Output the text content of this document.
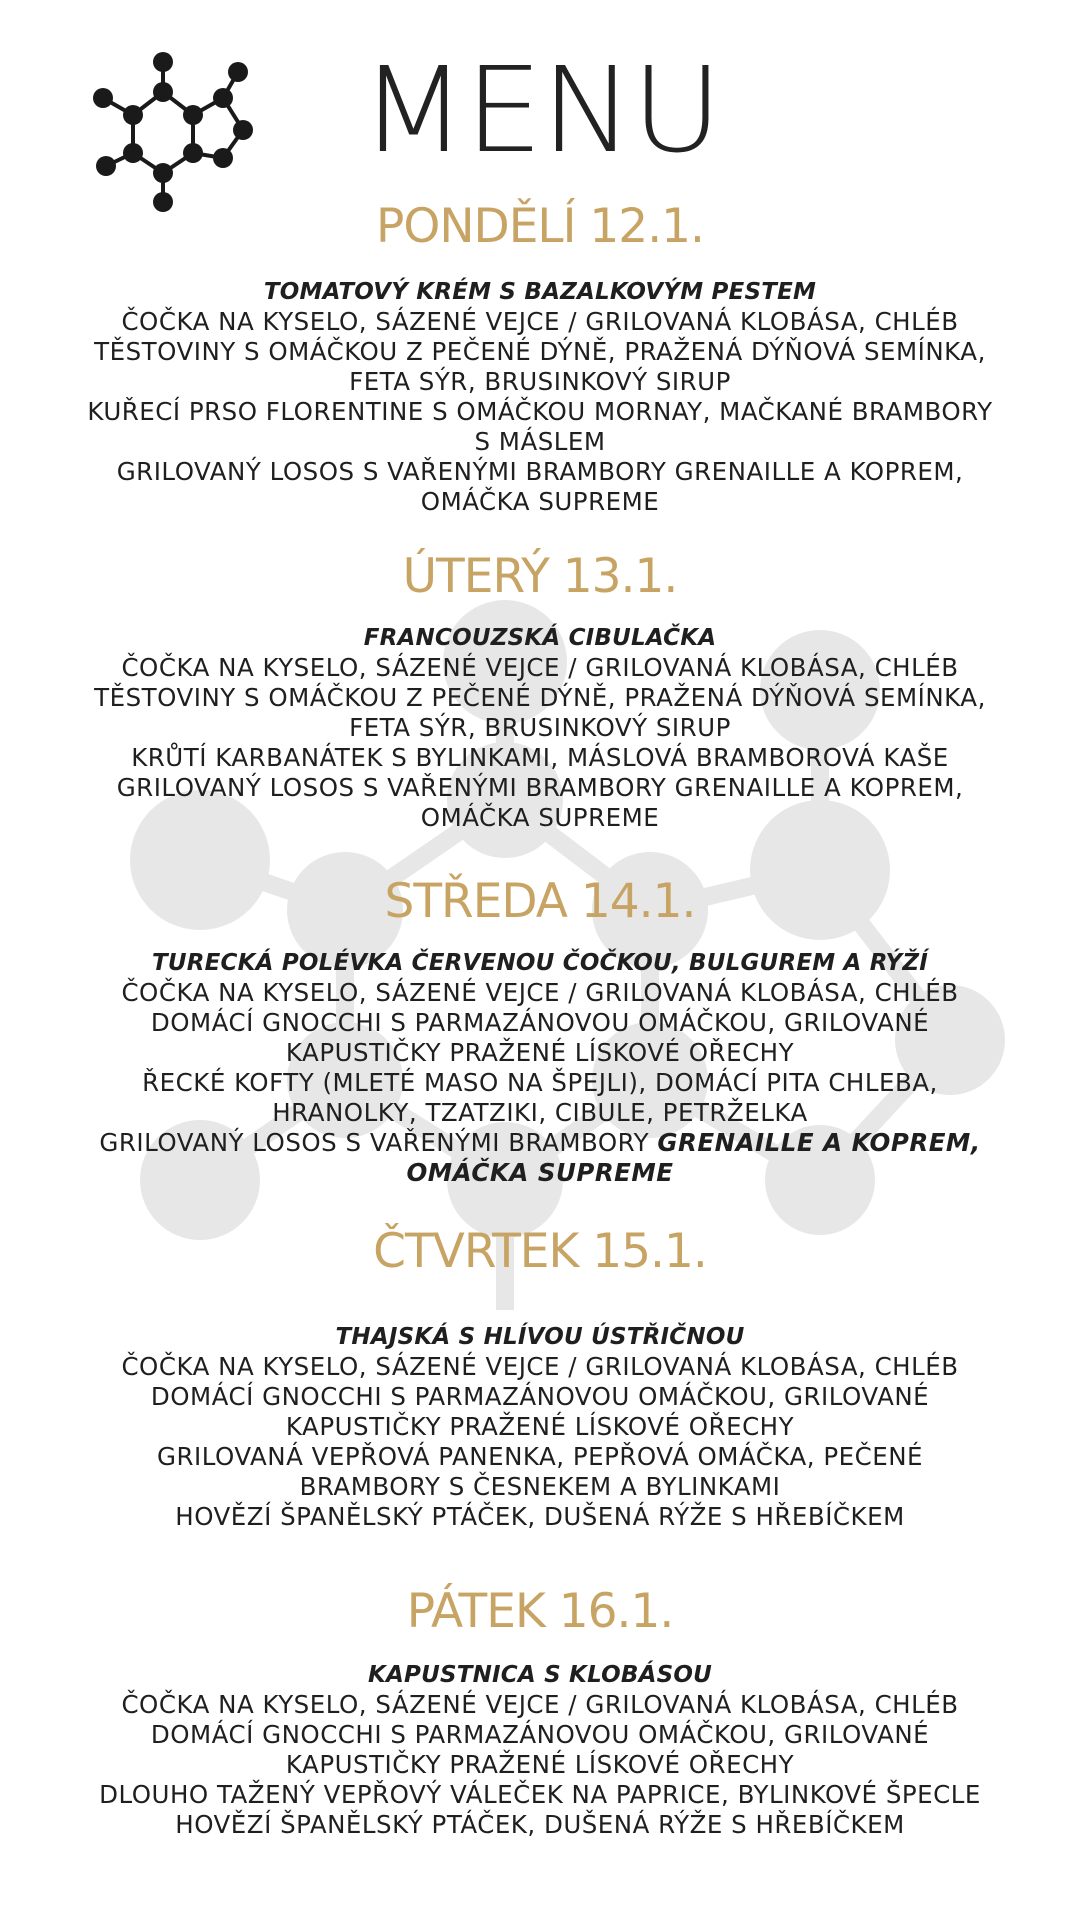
MENU
PONDĚLÍ 12.1.
TOMATOVÝ KRÉM S BAZALKOVÝM PESTEM
ČOČKA NA KYSELO, SÁZENÉ VEJCE / GRILOVANÁ KLOBÁSA, CHLÉB
TĚSTOVINY S OMÁČKOU Z PEČENÉ DÝNĚ, PRAŽENÁ DÝŇOVÁ SEMÍNKA,
FETA SÝR, BRUSINKOVÝ SIRUP
KUŘECÍ PRSO FLORENTINE S OMÁČKOU MORNAY, MAČKANÉ BRAMBORY
S MÁSLEM
GRILOVANÝ LOSOS S VAŘENÝMI BRAMBORY GRENAILLE A KOPREM,
OMÁČKA SUPREME
ÚTERÝ 13.1.
FRANCOUZSKÁ CIBULAČKA
ČOČKA NA KYSELO, SÁZENÉ VEJCE / GRILOVANÁ KLOBÁSA, CHLÉB
TĚSTOVINY S OMÁČKOU Z PEČENÉ DÝNĚ, PRAŽENÁ DÝŇOVÁ SEMÍNKA,
FETA SÝR, BRUSINKOVÝ SIRUP
KRŮTÍ KARBANÁTEK S BYLINKAMI, MÁSLOVÁ BRAMBOROVÁ KAŠE
GRILOVANÝ LOSOS S VAŘENÝMI BRAMBORY GRENAILLE A KOPREM,
OMÁČKA SUPREME
STŘEDA 14.1.
TURECKÁ POLÉVKA ČERVENOU ČOČKOU, BULGUREM A RÝŽÍ
ČOČKA NA KYSELO, SÁZENÉ VEJCE / GRILOVANÁ KLOBÁSA, CHLÉB
DOMÁCÍ GNOCCHI S PARMAZÁNOVOU OMÁČKOU, GRILOVANÉ
KAPUSTIČKY PRAŽENÉ LÍSKOVÉ OŘECHY
ŘECKÉ KOFTY (MLETÉ MASO NA ŠPEJLI), DOMÁCÍ PITA CHLEBA,
HRANOLKY, TZATZIKI, CIBULE, PETRŽELKA
GRILOVANÝ LOSOS S VAŘENÝMI BRAMBORY GRENAILLE A KOPREM,
OMÁČKA SUPREME
ČTVRTEK 15.1.
THAJSKÁ S HLÍVOU ÚSTŘIČNOU
ČOČKA NA KYSELO, SÁZENÉ VEJCE / GRILOVANÁ KLOBÁSA, CHLÉB
DOMÁCÍ GNOCCHI S PARMAZÁNOVOU OMÁČKOU, GRILOVANÉ
KAPUSTIČKY PRAŽENÉ LÍSKOVÉ OŘECHY
GRILOVANÁ VEPŘOVÁ PANENKA, PEPŘOVÁ OMÁČKA, PEČENÉ
BRAMBORY S ČESNEKEM A BYLINKAMI
HOVĚZÍ ŠPANĚLSKÝ PTÁČEK, DUŠENÁ RÝŽE S HŘEBÍČKEM
PÁTEK 16.1.
KAPUSTNICA S KLOBÁSOU
ČOČKA NA KYSELO, SÁZENÉ VEJCE / GRILOVANÁ KLOBÁSA, CHLÉB
DOMÁCÍ GNOCCHI S PARMAZÁNOVOU OMÁČKOU, GRILOVANÉ
KAPUSTIČKY PRAŽENÉ LÍSKOVÉ OŘECHY
DLOUHO TAŽENÝ VEPŘOVÝ VÁLEČEK NA PAPRICE, BYLINKOVÉ ŠPECLE
HOVĚZÍ ŠPANĚLSKÝ PTÁČEK, DUŠENÁ RÝŽE S HŘEBÍČKEM
